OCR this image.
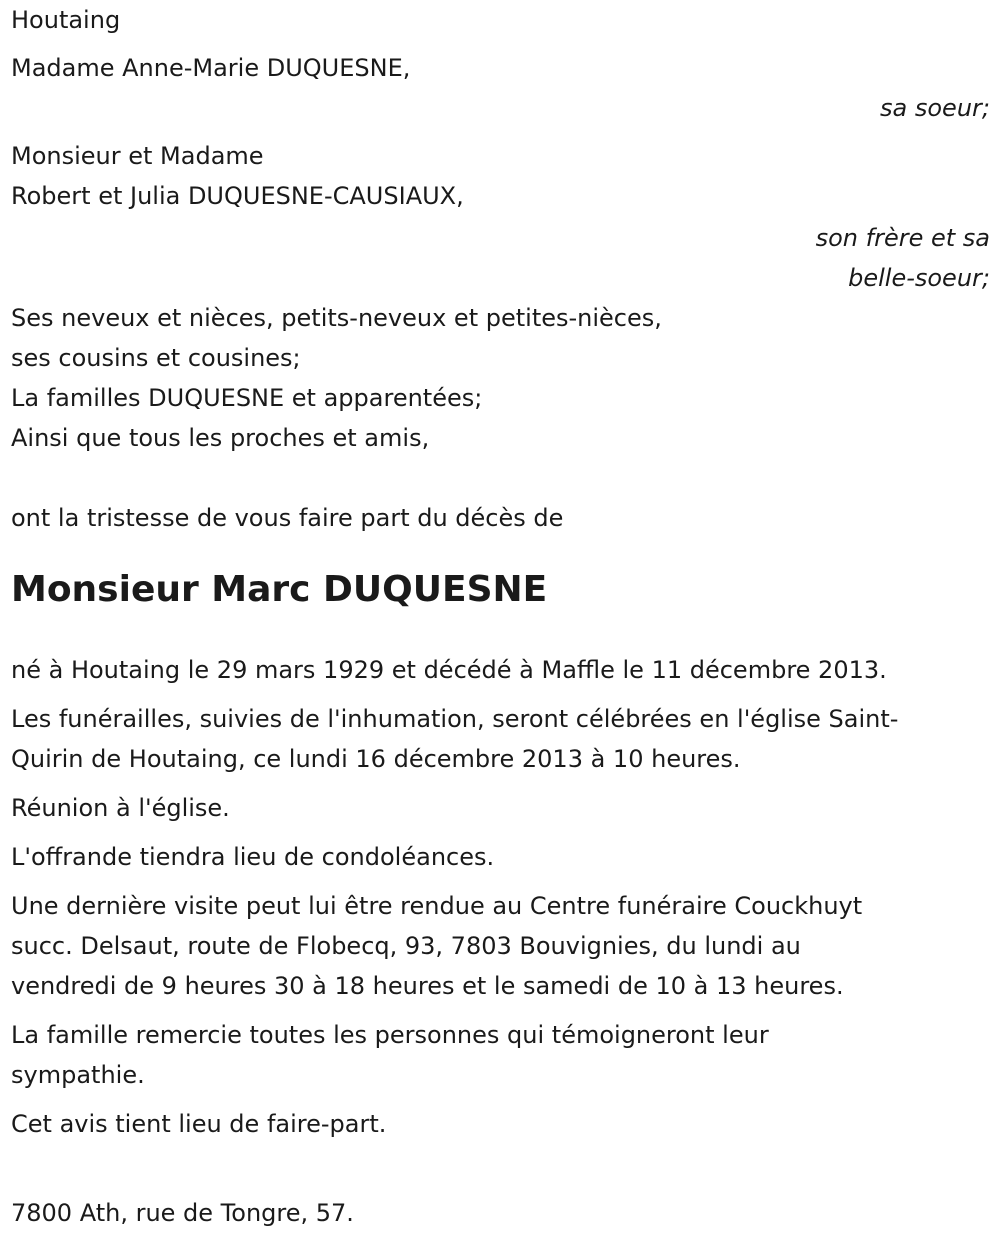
Houtaing
Madame Anne-Marie DUQUESNE,
sa soeur;
Monsieur et Madame
Robert et Julia DUQUESNE-CAUSIAUX,
son frère et sa
belle-soeur;
Ses neveux et nièces, petits-neveux et petites-nièces,
ses cousins et cousines;
La familles DUQUESNE et apparentées;
Ainsi que tous les proches et amis,
ont la tristesse de vous faire part du décès de
Monsieur Marc DUQUESNE
né à Houtaing le 29 mars 1929 et décédé à Maffle le 11 décembre 2013.
Les funérailles, suivies de l'inhumation, seront célébrées en l'église Saint-
Quirin de Houtaing, ce lundi 16 décembre 2013 à 10 heures.
Réunion à l'église.
L'offrande tiendra lieu de condoléances.
Une dernière visite peut lui être rendue au Centre funéraire Couckhuyt
succ. Delsaut, route de Flobecq, 93, 7803 Bouvignies, du lundi au
vendredi de 9 heures 30 à 18 heures et le samedi de 10 à 13 heures.
La famille remercie toutes les personnes qui témoigneront leur
sympathie.
Cet avis tient lieu de faire-part.
7800 Ath, rue de Tongre, 57.
